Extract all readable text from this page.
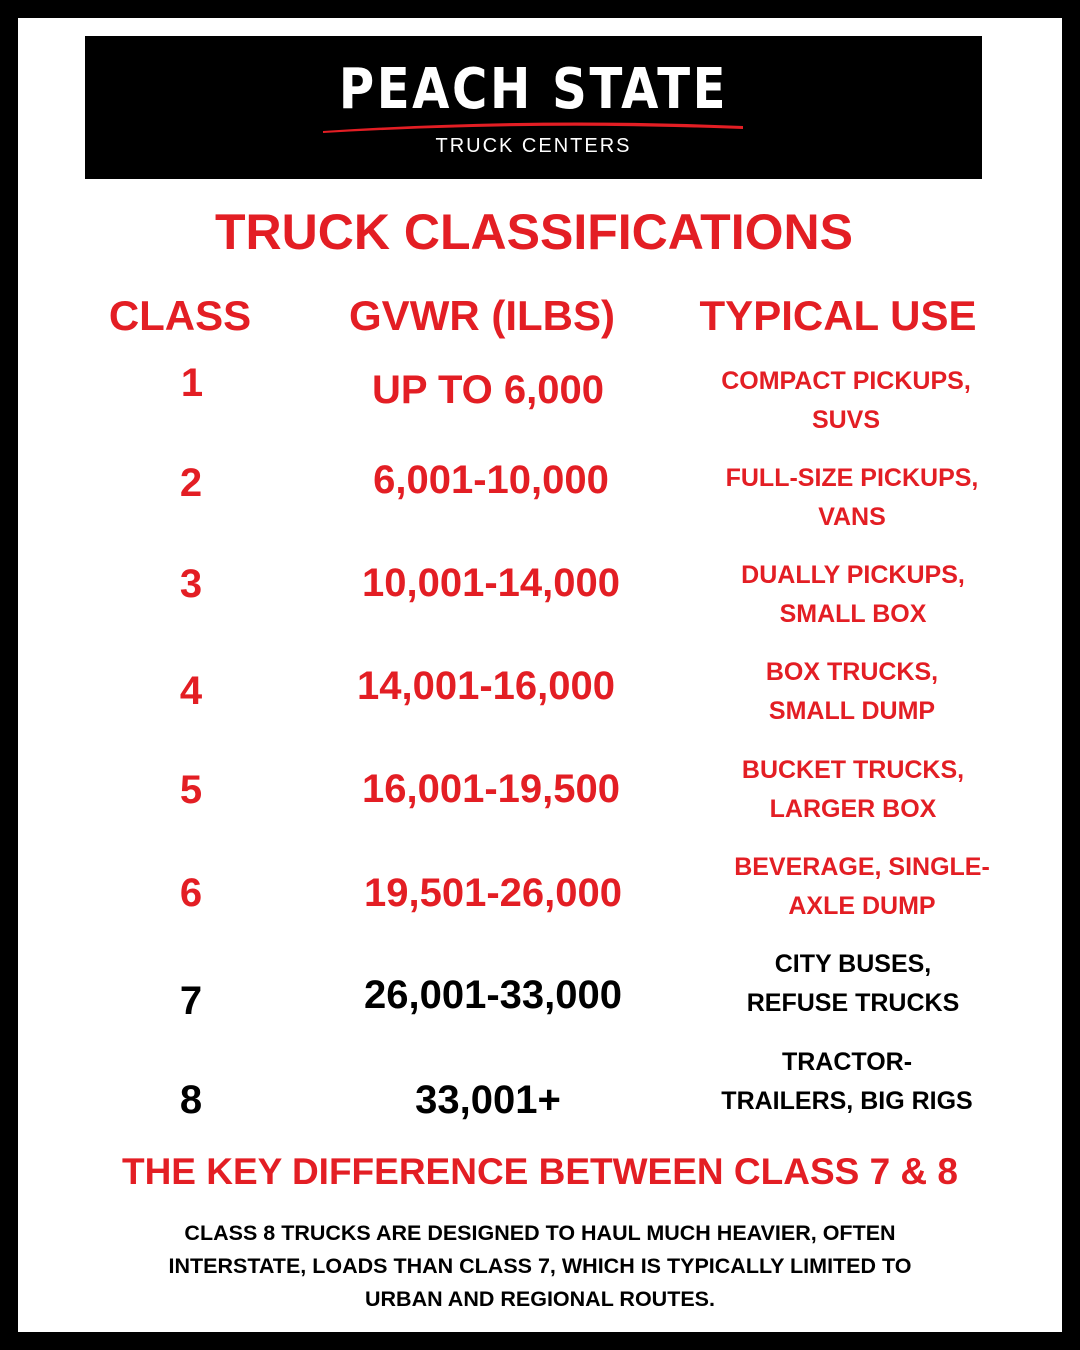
PEACH STATE
TRUCK CENTERS
TRUCK CLASSIFICATIONS
CLASS	GVWR (ILBS)	TYPICAL USE
1	UP TO 6,000	COMPACT PICKUPS,
SUVS
2	6,001-10,000	FULL-SIZE PICKUPS,
VANS
3	10,001-14,000	DUALLY PICKUPS,
SMALL BOX
4	14,001-16,000	BOX TRUCKS,
SMALL DUMP
5	16,001-19,500	BUCKET TRUCKS,
LARGER BOX
6	19,501-26,000
BEVERAGE, SINGLE-
AXLE DUMP
7	26,001-33,000
CITY BUSES,
REFUSE TRUCKS
8	33,001+
TRACTOR-
TRAILERS, BIG RIGS
THE KEY DIFFERENCE BETWEEN CLASS 7 & 8
CLASS 8 TRUCKS ARE DESIGNED TO HAUL MUCH HEAVIER, OFTEN
INTERSTATE, LOADS THAN CLASS 7, WHICH IS TYPICALLY LIMITED TO
URBAN AND REGIONAL ROUTES.
